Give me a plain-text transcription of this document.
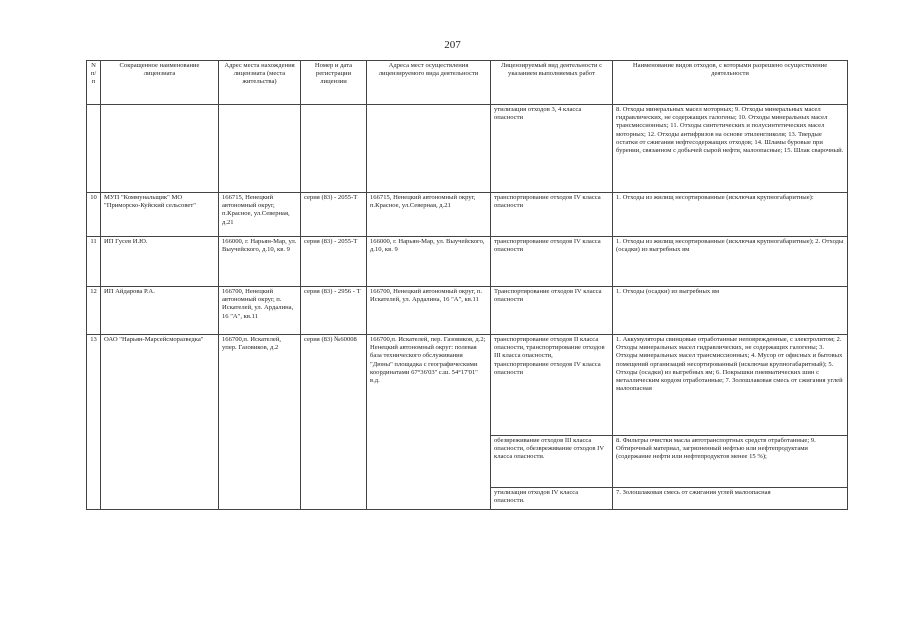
207
N п/ п	Сокращенное наименование лицензиата	Адрес места нахождения лицензиата (места жительства)	Номер и дата регистрации лицензии	Адреса мест осуществления лицензируемого вида деятельности	Лицензируемый вид деятельности с указанием выполняемых работ	Наименование видов отходов, с которыми разрешено осуществление деятельности
					утилизация отходов 3, 4 класса опасности	8. Отходы минеральных масел моторных; 9. Отходы минеральных масел гидравлических, не содержащих галогены; 10. Отходы минеральных масел трансмиссионных; 11. Отходы синтетических и полусинтетических масел моторных; 12. Отходы антифризов на основе этиленгликоля; 13. Твердые остатки от сжигания нефтесодержащих отходов; 14. Шламы буровые при бурении, связанном с добычей сырой нефти, малоопасные; 15. Шлак сварочный.
10	МУП "Коммунальщик" МО "Приморско-Куйский сельсовет"	166715, Ненецкий автономный округ, п.Красное, ул.Северная, д.21	серия (83) - 2055-Т	166715, Ненецкий автономный округ, п.Красное, ул.Северная, д.21	транспортирование отходов IV класса опасности	1. Отходы из жилищ несортированные (исключая крупногабаритные):
11	ИП Гусев И.Ю.	166000, г. Нарьян-Мар, ул. Выучейского, д.10, кв. 9	серия (83) - 2055-Т	166000, г. Нарьян-Мар, ул. Выучейского, д.10, кв. 9	транспортирование отходов IV класса опасности	1. Отходы из жилищ несортированные (исключая крупногабаритные); 2. Отходы (осадки) из выгребных ям
12	ИП Айдарова Р.А.	166700, Ненецкий автономный округ, п. Искателей, ул. Ардалина, 16 "А", кв.11	серия (83) - 2956 - Т	166700, Ненецкий автономный округ, п. Искателей, ул. Ардалина, 16 "А", кв.11	Транспортирование отходов IV класса опасности	1. Отходы (осадки) из выгребных ям
13	ОАО "Нарьян-Марсейсморазведка"	166700,п. Искателей, упер. Газовиков, д.2	серия (83) №60008	166700,п. Искателей, пер. Газовиков, д.2; Ненецкий автономный округ: полевая база технического обслуживания "Дюны" площадка с географическими координатами 67°36'03'' с.ш. 54°17'01'' в.д.	транспортирование отходов II класса опасности, транспортирование отходов III класса опасности, транспортирование отходов IV класса опасности	1. Аккумуляторы свинцовые отработанные неповрежденные, с электролитом; 2. Отходы минеральных масел гидравлических, не содержащих галогены; 3. Отходы минеральных масел трансмиссионных; 4. Мусор от офисных и бытовых помещений организаций несортированный (исключая крупногабаритный); 5. Отходы (осадки) из выгребных ям; 6. Покрышки пневматических шин с металлическим кордом отработанные; 7. Золошлаковая смесь от сжигания углей малоопасная
					обезвреживание отходов III класса опасности, обезвреживание отходов IV класса опасности.	8. Фильтры очистки масла автотранспортных средств отработанные; 9. Обтирочный материал, загрязненный нефтью или нефтепродуктами (содержание нефти или нефтепродуктов менее 15 %);
					утилизация отходов IV класса опасности.	7. Золошлаковая смесь от сжигания углей малоопасная
